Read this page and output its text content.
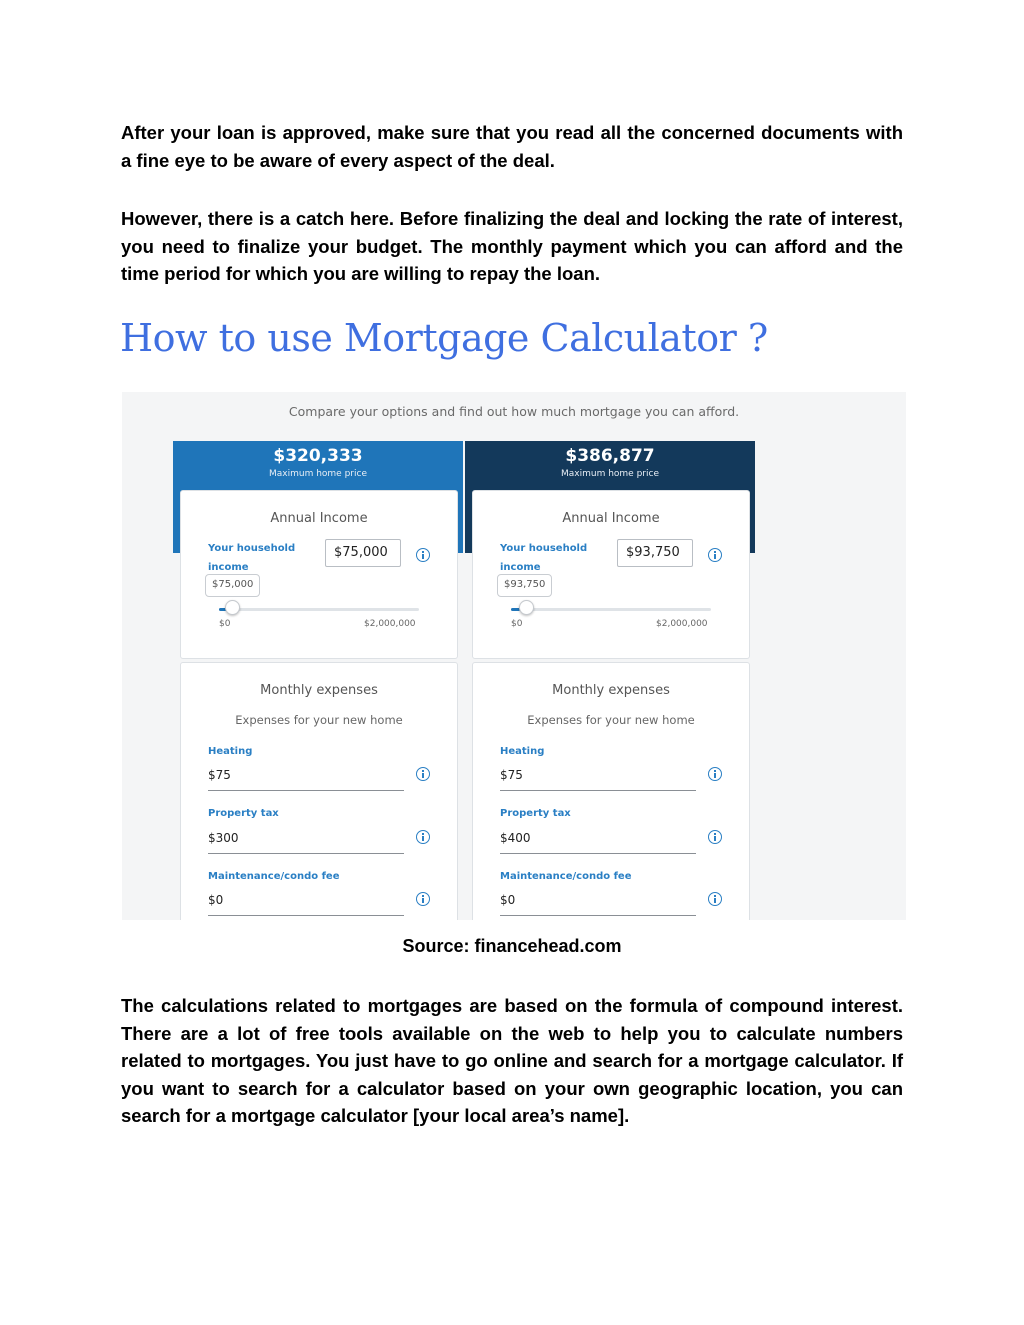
After your loan is approved, make sure that you read all the concerned documents with a fine eye to be aware of every aspect of the deal.

However, there is a catch here. Before finalizing the deal and locking the rate of interest, you need to finalize your budget. The monthly payment which you can afford and the time period for which you are willing to repay the loan.

How to use Mortgage Calculator ?
Compare your options and find out how much mortgage you can afford.
$320,333
Maximum home price
Annual Income
Your household
income
$75,000
$75,000
$0	$2,000,000
Monthly expenses
Expenses for your new home
Heating
$75
Property tax
$300
Maintenance/condo fee
$0
$386,877
Maximum home price
Annual Income
Your household
income
$93,750
$93,750
$0	$2,000,000
Monthly expenses
Expenses for your new home
Heating
$75
Property tax
$400
Maintenance/condo fee
$0

Source: financehead.com

The calculations related to mortgages are based on the formula of compound interest. There are a lot of free tools available on the web to help you to calculate numbers related to mortgages. You just have to go online and search for a mortgage calculator. If you want to search for a calculator based on your own geographic location, you can search for a mortgage calculator [your local area’s name].
